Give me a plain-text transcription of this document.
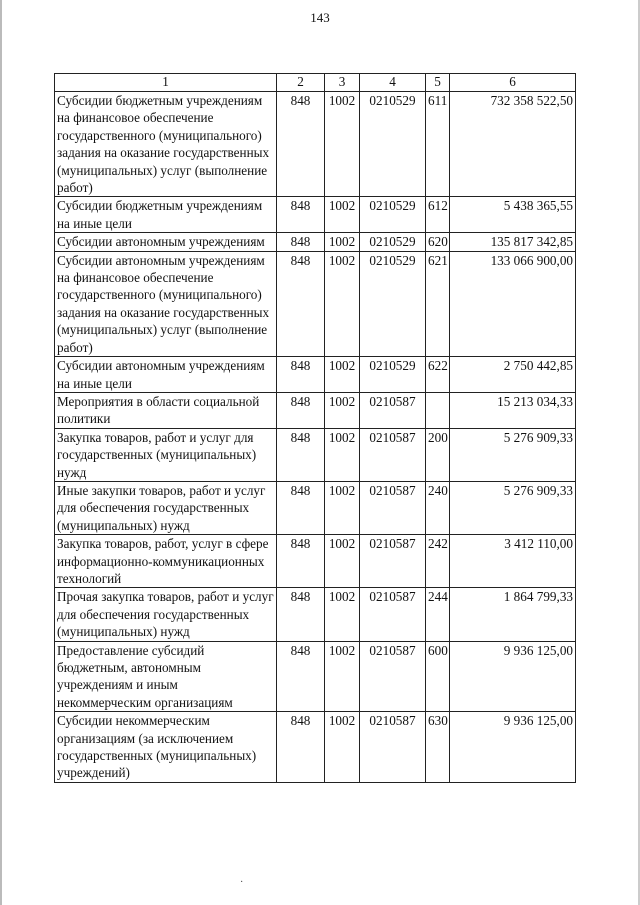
143
1	2	3	4	5	6
Субсидии бюджетным учреждениям на финансовое обеспечение государственного (муниципального) задания на оказание государственных (муниципальных) услуг (выполнение работ)	848	1002	0210529	611	732 358 522,50
Субсидии бюджетным учреждениям на иные цели	848	1002	0210529	612	5 438 365,55
Субсидии автономным учреждениям	848	1002	0210529	620	135 817 342,85
Субсидии автономным учреждениям на финансовое обеспечение государственного (муниципального) задания на оказание государственных (муниципальных) услуг (выполнение работ)	848	1002	0210529	621	133 066 900,00
Субсидии автономным учреждениям на иные цели	848	1002	0210529	622	2 750 442,85
Мероприятия в области социальной политики	848	1002	0210587		15 213 034,33
Закупка товаров, работ и услуг для государственных (муниципальных) нужд	848	1002	0210587	200	5 276 909,33
Иные закупки товаров, работ и услуг для обеспечения государственных (муниципальных) нужд	848	1002	0210587	240	5 276 909,33
Закупка товаров, работ, услуг в сфере информационно-коммуникационных технологий	848	1002	0210587	242	3 412 110,00
Прочая закупка товаров, работ и услуг для обеспечения государственных (муниципальных) нужд	848	1002	0210587	244	1 864 799,33
Предоставление субсидий бюджетным, автономным учреждениям и иным некоммерческим организациям	848	1002	0210587	600	9 936 125,00
Субсидии некоммерческим организациям (за исключением государственных (муниципальных) учреждений)	848	1002	0210587	630	9 936 125,00
·
